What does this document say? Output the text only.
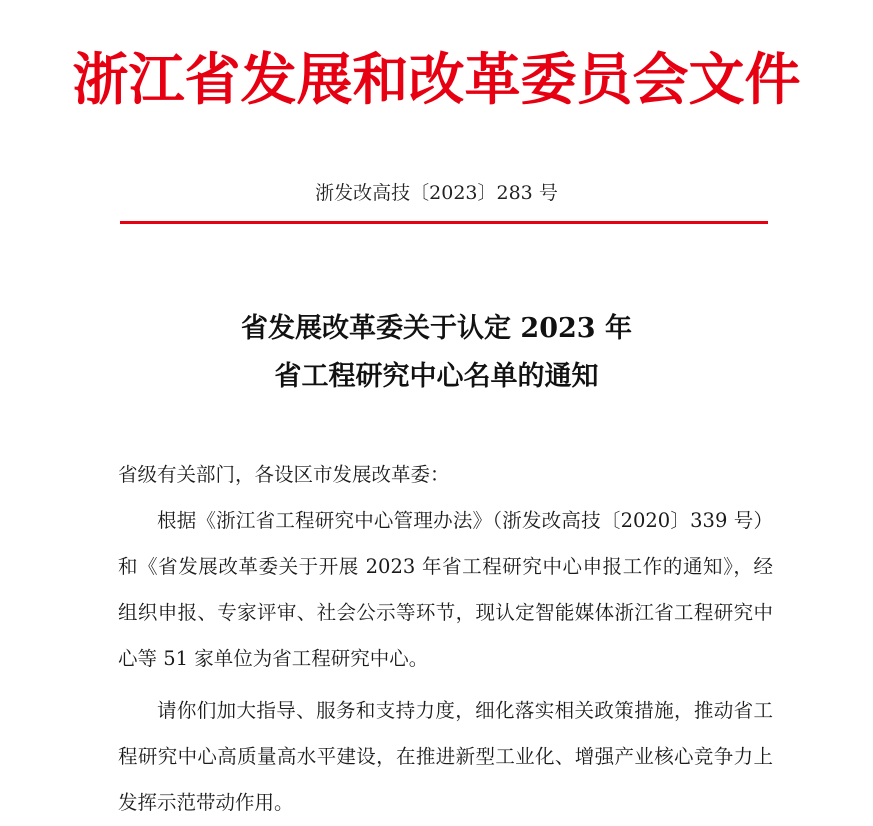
浙江省发展和改革委员会文件
浙发改高技〔2023〕283 号
省发展改革委关于认定 2023 年
省工程研究中心名单的通知

省级有关部门，各设区市发展改革委：

根据《浙江省工程研究中心管理办法》（浙发改高技〔2020〕339 号）和《省发展改革委关于开展 2023 年省工程研究中心申报工作的通知》，经组织申报、专家评审、社会公示等环节，现认定智能媒体浙江省工程研究中心等 51 家单位为省工程研究中心。

请你们加大指导、服务和支持力度，细化落实相关政策措施，推动省工程研究中心高质量高水平建设，在推进新型工业化、增强产业核心竞争力上发挥示范带动作用。
